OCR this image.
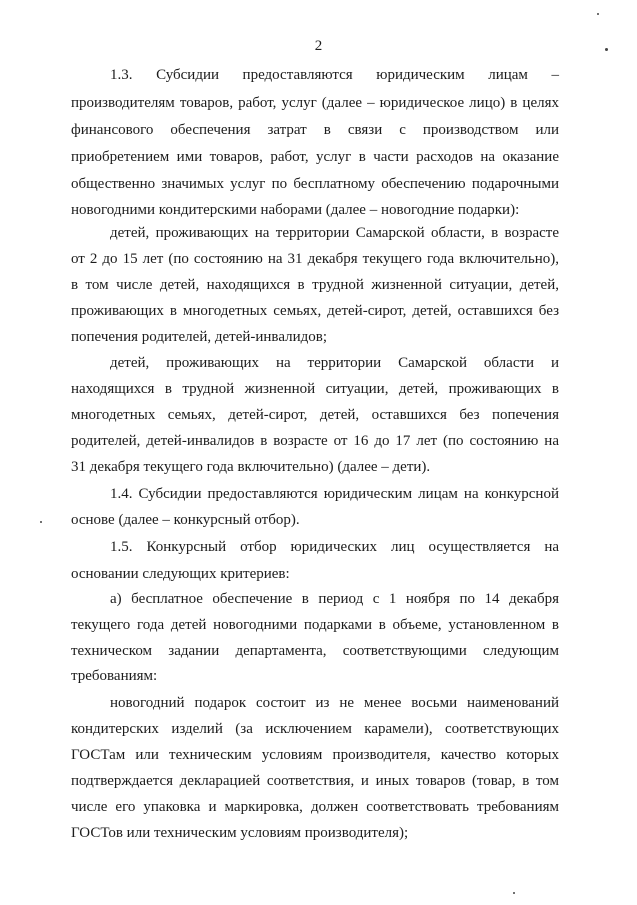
2
1.3. Субсидии предоставляются юридическим лицам –
производителям товаров, работ, услуг (далее – юридическое лицо) в целях
финансового обеспечения затрат в связи с производством или
приобретением ими товаров, работ, услуг в части расходов на оказание
общественно значимых услуг по бесплатному обеспечению подарочными
новогодними кондитерскими наборами (далее – новогодние подарки):
детей, проживающих на территории Самарской области, в возрасте
от 2 до 15 лет (по состоянию на 31 декабря текущего года включительно),
в том числе детей, находящихся в трудной жизненной ситуации, детей,
проживающих в многодетных семьях, детей-сирот, детей, оставшихся без
попечения родителей, детей-инвалидов;
детей, проживающих на территории Самарской области и
находящихся в трудной жизненной ситуации, детей, проживающих в
многодетных семьях, детей-сирот, детей, оставшихся без попечения
родителей, детей-инвалидов в возрасте от 16 до 17 лет (по состоянию на
31 декабря текущего года включительно) (далее – дети).
1.4. Субсидии предоставляются юридическим лицам на конкурсной
основе (далее – конкурсный отбор).
1.5. Конкурсный отбор юридических лиц осуществляется на
основании следующих критериев:
а) бесплатное обеспечение в период с 1 ноября по 14 декабря
текущего года детей новогодними подарками в объеме, установленном в
техническом задании департамента, соответствующими следующим
требованиям:
новогодний подарок состоит из не менее восьми наименований
кондитерских изделий (за исключением карамели), соответствующих
ГОСТам или техническим условиям производителя, качество которых
подтверждается декларацией соответствия, и иных товаров (товар, в том
числе его упаковка и маркировка, должен соответствовать требованиям
ГОСТов или техническим условиям производителя);
